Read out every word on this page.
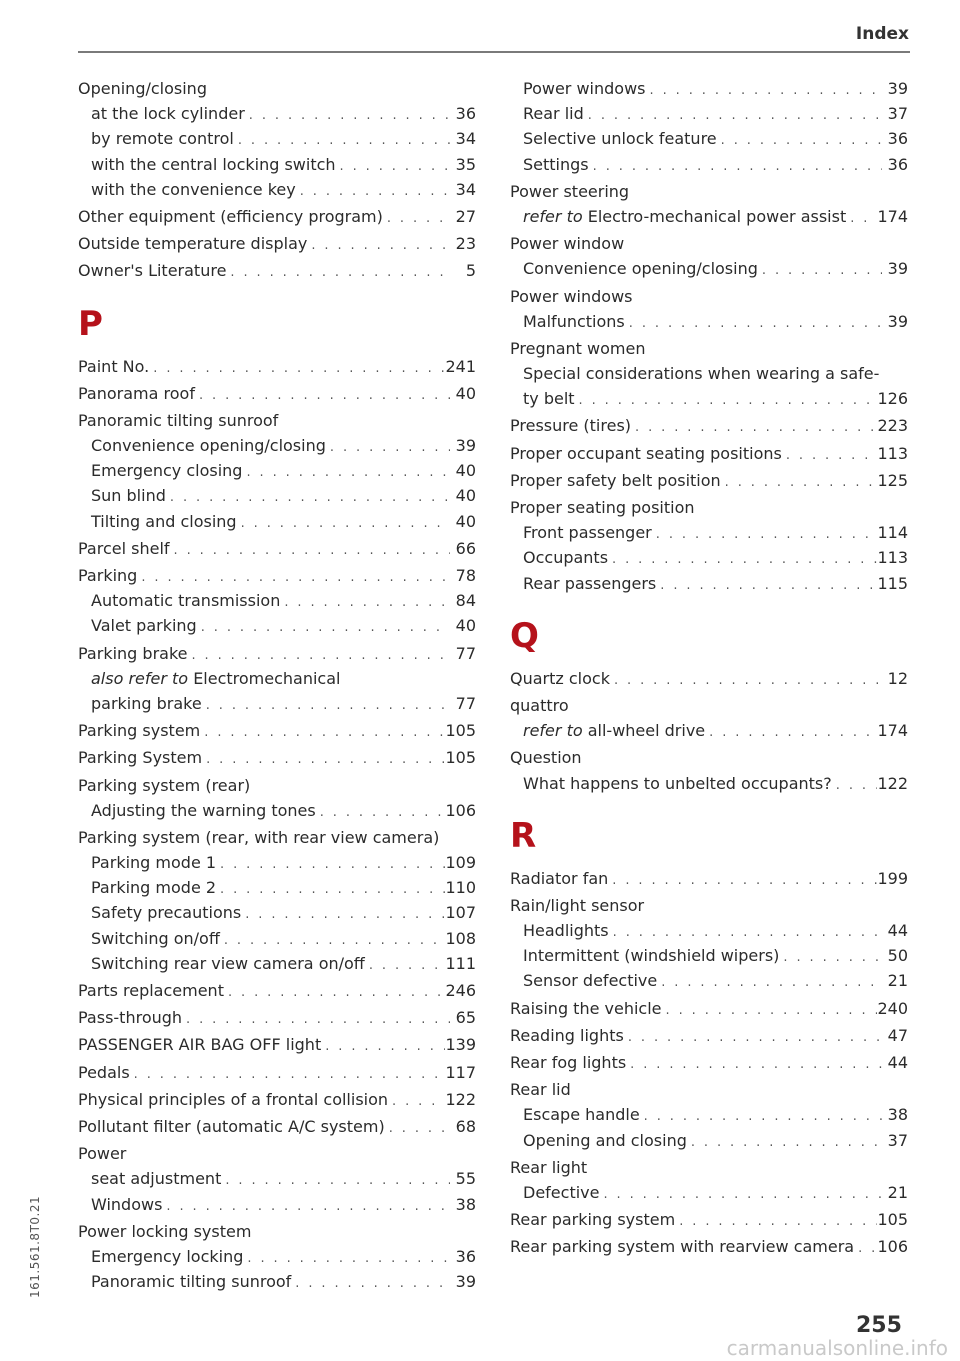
Index
Opening/closing
at the lock cylinder . . .	36
by remote control . . .	34
with the central locking switch . . .	35
with the convenience key . . .	34
Other equipment (efficiency program) . . .	27
Outside temperature display . . .	23
Owner's Literature . . .	5
P
Paint No. . . .	241
Panorama roof . . .	40
Panoramic tilting sunroof
Convenience opening/closing . . .	39
Emergency closing . . .	40
Sun blind . . .	40
Tilting and closing . . .	40
Parcel shelf . . .	66
Parking . . .	78
Automatic transmission . . .	84
Valet parking . . .	40
Parking brake . . .	77
also refer to Electromechanical
parking brake . . .	77
Parking system . . .	105
Parking System . . .	105
Parking system (rear)
Adjusting the warning tones . . .	106
Parking system (rear, with rear view camera)
Parking mode 1 . . .	109
Parking mode 2 . . .	110
Safety precautions . . .	107
Switching on/off . . .	108
Switching rear view camera on/off . . .	111
Parts replacement . . .	246
Pass-through . . .	65
PASSENGER AIR BAG OFF light . . .	139
Pedals . . .	117
Physical principles of a frontal collision . . .	122
Pollutant filter (automatic A/C system) . . .	68
Power
seat adjustment . . .	55
Windows . . .	38
Power locking system
Emergency locking . . .	36
Panoramic tilting sunroof . . .	39
Power windows . . .	39
Rear lid . . .	37
Selective unlock feature . . .	36
Settings . . .	36
Power steering
refer to Electro-mechanical power assist . . . 174
Power window
Convenience opening/closing . . .	39
Power windows
Malfunctions . . .	39
Pregnant women
Special considerations when wearing a safe-
ty belt . . .	126
Pressure (tires) . . .	223
Proper occupant seating positions . . .	113
Proper safety belt position . . .	125
Proper seating position
Front passenger . . .	114
Occupants . . .	113
Rear passengers . . .	115
Q
Quartz clock . . .	12
quattro
refer to all-wheel drive . . .	174
Question
What happens to unbelted occupants? . . .	122
R
Radiator fan . . .	199
Rain/light sensor
Headlights . . .	44
Intermittent (windshield wipers) . . .	50
Sensor defective . . .	21
Raising the vehicle . . .	240
Reading lights . . .	47
Rear fog lights . . .	44
Rear lid
Escape handle . . .	38
Opening and closing . . .	37
Rear light
Defective . . .	21
Rear parking system . . .	105
Rear parking system with rearview camera . . . 106
255
161.561.8T0.21
carmanualsonline.info
